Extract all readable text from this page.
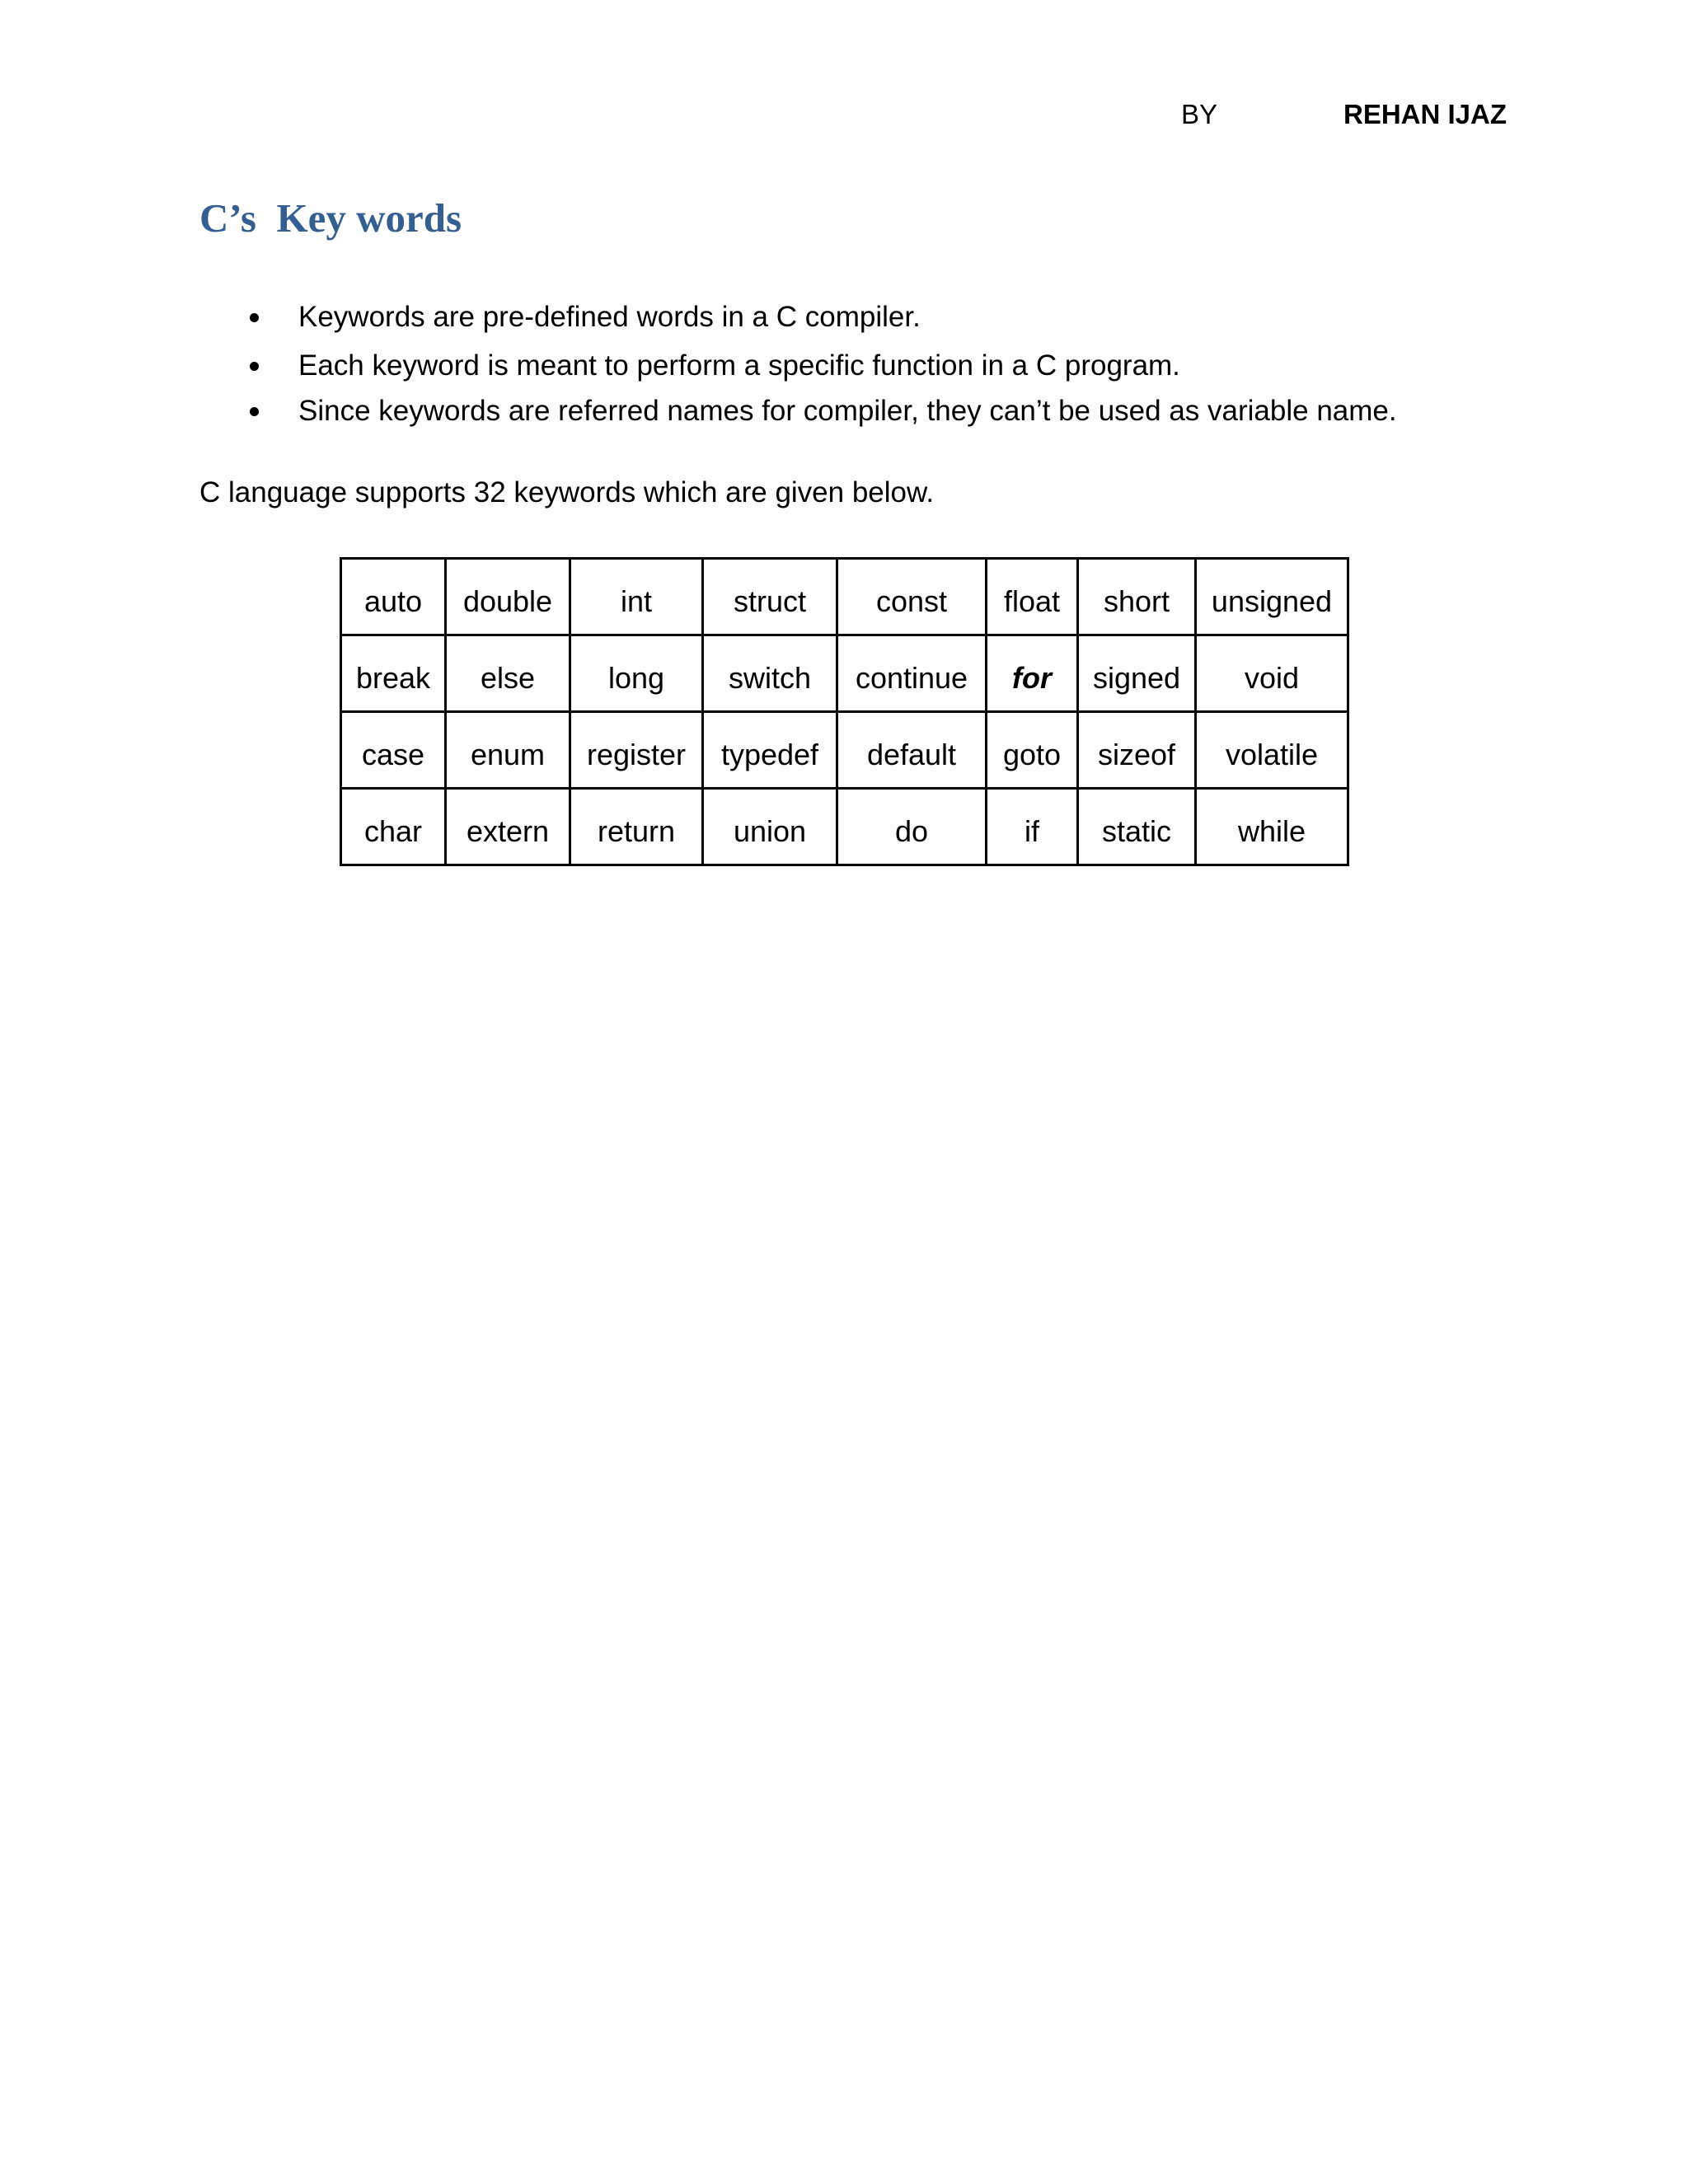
BY	REHAN IJAZ
C’s  Key words
Keywords are pre-defined words in a C compiler.
Each keyword is meant to perform a specific function in a C program.
Since keywords are referred names for compiler, they can’t be used as variable name.

C language supports 32 keywords which are given below.

auto	double	int	struct	const	float	short	unsigned
break	else	long	switch	continue	for	signed	void
case	enum	register	typedef	default	goto	sizeof	volatile
char	extern	return	union	do	if	static	while
